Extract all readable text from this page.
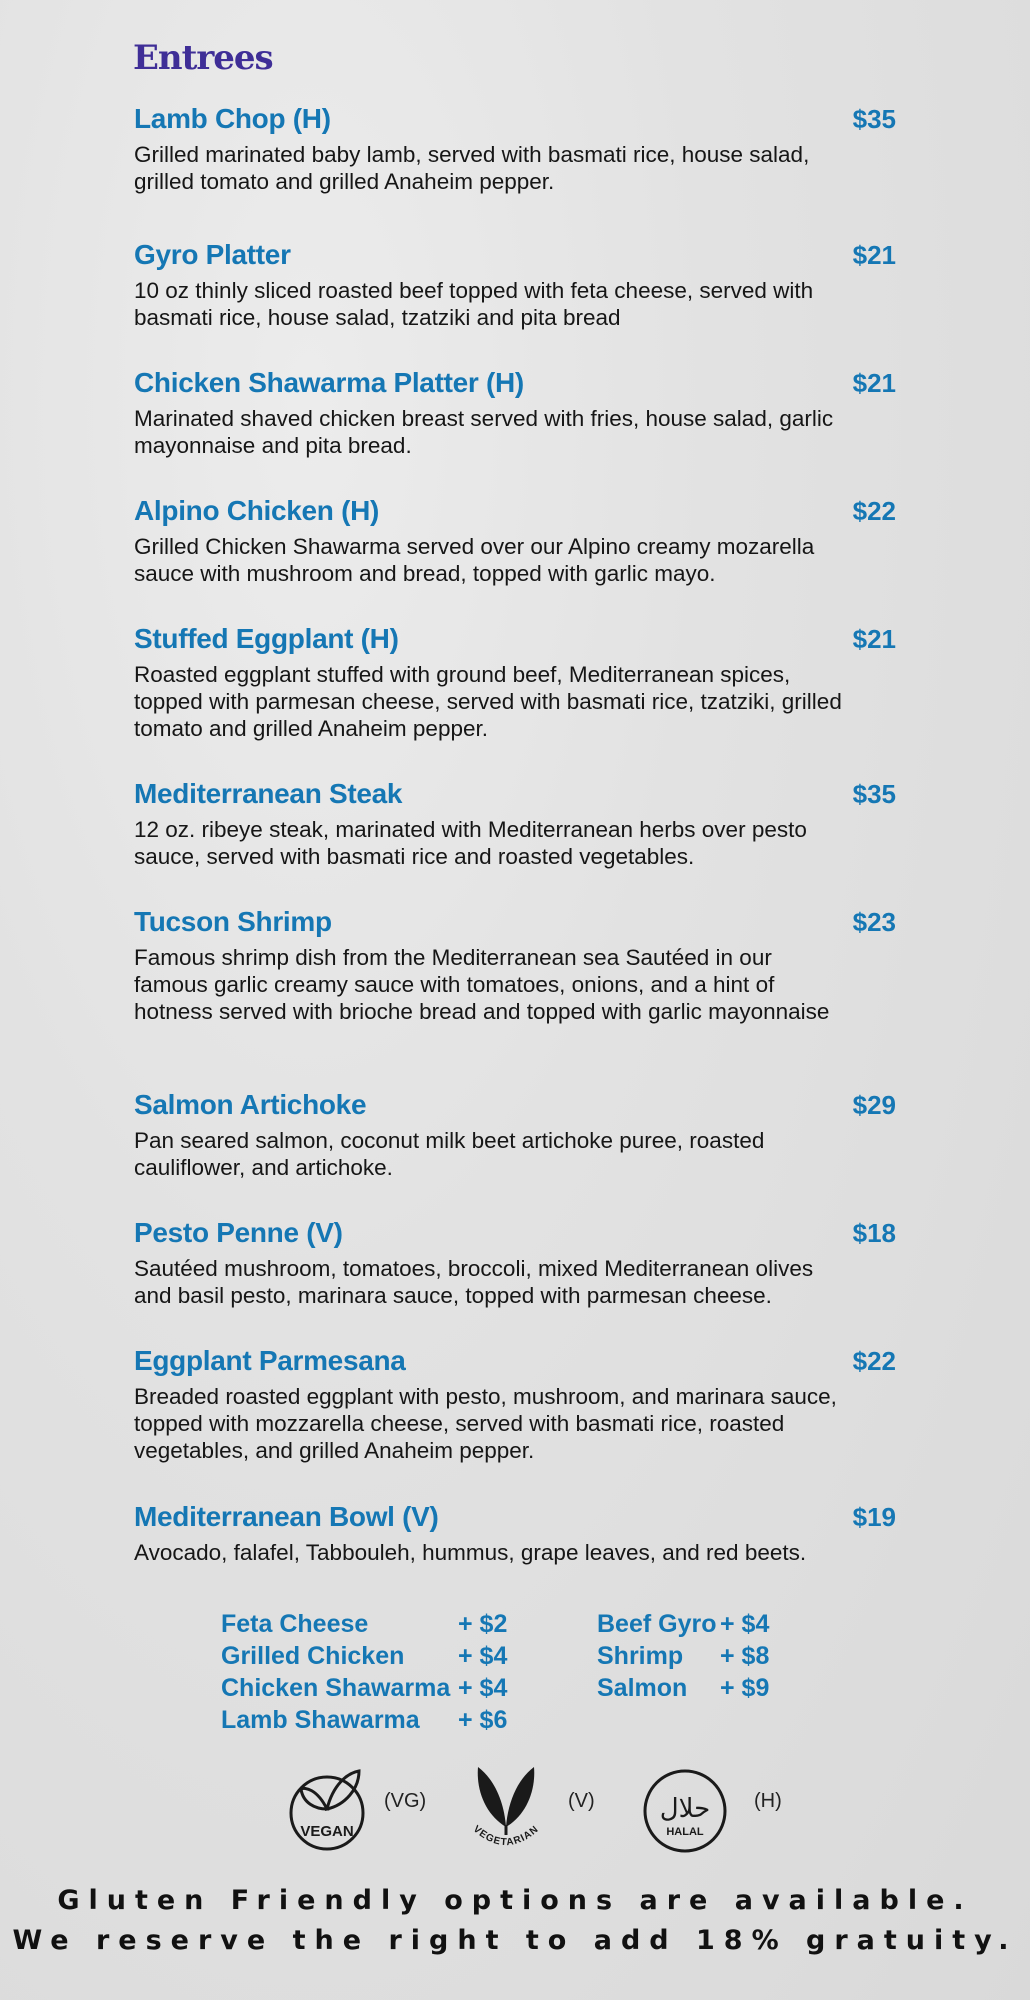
Entrees
Lamb Chop (H)	$35
Grilled marinated baby lamb, served with basmati rice, house salad, grilled tomato and grilled Anaheim pepper.
Gyro Platter	$21
10 oz thinly sliced roasted beef topped with feta cheese, served with basmati rice, house salad, tzatziki and pita bread
Chicken Shawarma Platter (H)	$21
Marinated shaved chicken breast served with fries, house salad, garlic mayonnaise and pita bread.
Alpino Chicken (H)	$22
Grilled Chicken Shawarma served over our Alpino creamy mozarella sauce with mushroom and bread, topped with garlic mayo.
Stuffed Eggplant (H)	$21
Roasted eggplant stuffed with ground beef, Mediterranean spices, topped with parmesan cheese, served with basmati rice, tzatziki, grilled tomato and grilled Anaheim pepper.
Mediterranean Steak	$35
12 oz. ribeye steak, marinated with Mediterranean herbs over pesto sauce, served with basmati rice and roasted vegetables.
Tucson Shrimp	$23
Famous shrimp dish from the Mediterranean sea Sautéed in our famous garlic creamy sauce with tomatoes, onions, and a hint of hotness served with brioche bread and topped with garlic mayonnaise
Salmon Artichoke	$29
Pan seared salmon, coconut milk beet artichoke puree, roasted cauliflower, and artichoke.
Pesto Penne (V)	$18
Sautéed mushroom, tomatoes, broccoli, mixed Mediterranean olives and basil pesto, marinara sauce, topped with parmesan cheese.
Eggplant Parmesana	$22
Breaded roasted eggplant with pesto, mushroom, and marinara sauce, topped with mozzarella cheese, served with basmati rice, roasted vegetables, and grilled Anaheim pepper.
Mediterranean Bowl (V)	$19
Avocado, falafel, Tabbouleh, hummus, grape leaves, and red beets.
Feta Cheese	+ $2
Grilled Chicken + $4
Chicken Shawarma + $4
Lamb Shawarma + $6
Beef Gyro + $4
Shrimp + $8
Salmon + $9
VEGAN
(VG)
VEGETARIAN
(V)	حلال
HALAL
(H)
Gluten Friendly options are available.
We reserve the right to add 18% gratuity.
